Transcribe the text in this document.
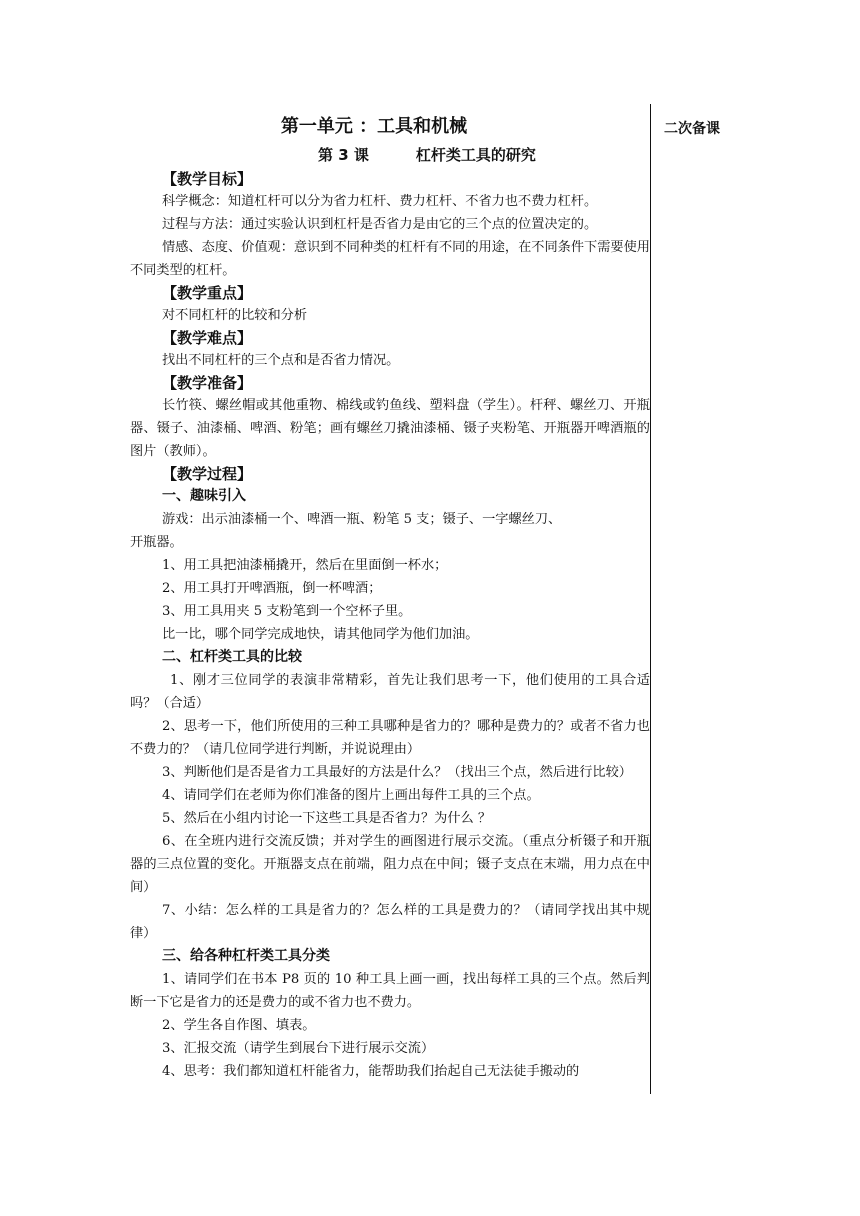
二次备课
第一单元 ：工具和机械
第 3 课         杠杆类工具的研究
【教学目标】

科学概念：知道杠杆可以分为省力杠杆、费力杠杆、不省力也不费力杠杆。

过程与方法：通过实验认识到杠杆是否省力是由它的三个点的位置决定的。

情感、态度、价值观：意识到不同种类的杠杆有不同的用途，在不同条件下需要使用不同类型的杠杆。

【教学重点】

对不同杠杆的比较和分析

【教学难点】

找出不同杠杆的三个点和是否省力情况。

【教学准备】

长竹筷、螺丝帽或其他重物、棉线或钓鱼线、塑料盘（学生）。杆秤、螺丝刀、开瓶器、镊子、油漆桶、啤酒、粉笔；画有螺丝刀撬油漆桶、镊子夹粉笔、开瓶器开啤酒瓶的图片（教师）。

【教学过程】
一、趣味引入

游戏：出示油漆桶一个、啤酒一瓶、粉笔 5 支；镊子、一字螺丝刀、

开瓶器。

1、用工具把油漆桶撬开，然后在里面倒一杯水；

2、用工具打开啤酒瓶，倒一杯啤酒；

3、用工具用夹 5 支粉笔到一个空杯子里。

比一比，哪个同学完成地快，请其他同学为他们加油。

二、杠杆类工具的比较

1、刚才三位同学的表演非常精彩，首先让我们思考一下，他们使用的工具合适吗？（合适）

2、思考一下，他们所使用的三种工具哪种是省力的？哪种是费力的？或者不省力也不费力的？（请几位同学进行判断，并说说理由）

3、判断他们是否是省力工具最好的方法是什么？（找出三个点，然后进行比较）

4、请同学们在老师为你们准备的图片上画出每件工具的三个点。

5、然后在小组内讨论一下这些工具是否省力？为什么 ？

6、在全班内进行交流反馈；并对学生的画图进行展示交流。（重点分析镊子和开瓶器的三点位置的变化。开瓶器支点在前端，阻力点在中间；镊子支点在末端，用力点在中间）

7、小结：怎么样的工具是省力的？怎么样的工具是费力的？（请同学找出其中规律）

三、给各种杠杆类工具分类

1、请同学们在书本 P8 页的 10 种工具上画一画，找出每样工具的三个点。然后判断一下它是省力的还是费力的或不省力也不费力。

2、学生各自作图、填表。

3、汇报交流（请学生到展台下进行展示交流）

4、思考：我们都知道杠杆能省力，能帮助我们抬起自己无法徒手搬动的
